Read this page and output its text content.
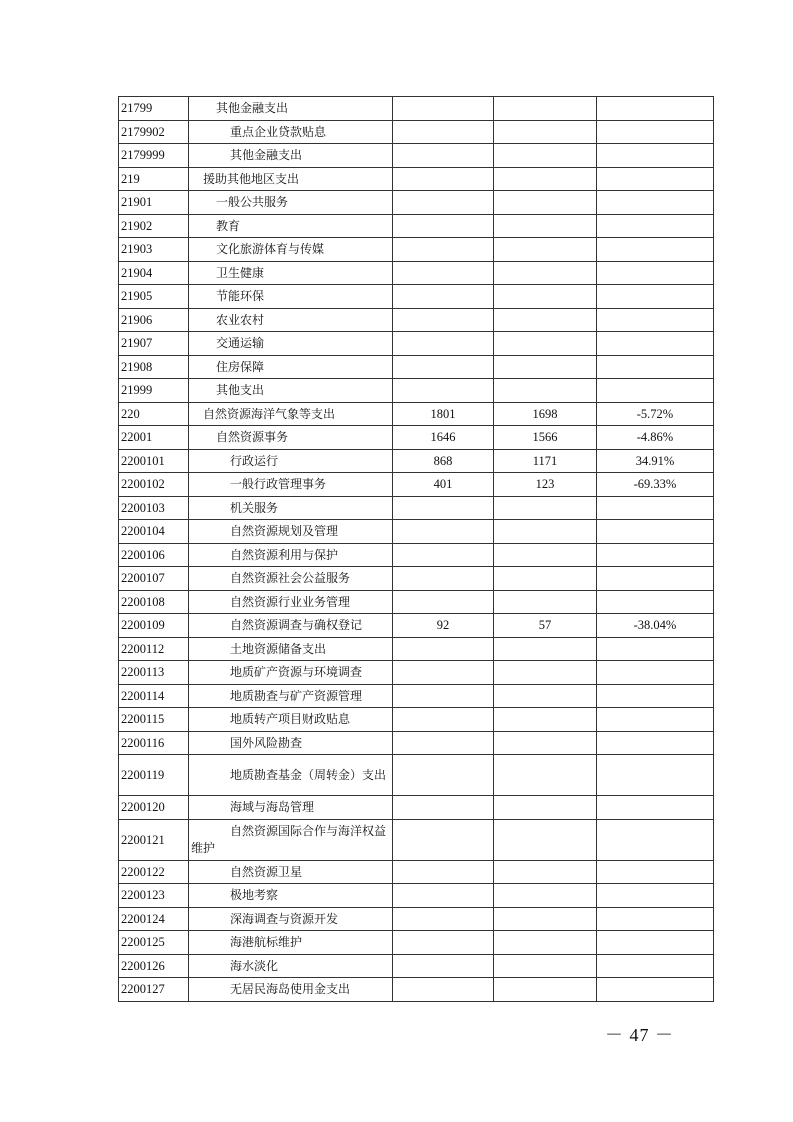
21799	其他金融支出			
2179902	重点企业贷款贴息			
2179999	其他金融支出			
219	援助其他地区支出			
21901	一般公共服务			
21902	教育			
21903	文化旅游体育与传媒			
21904	卫生健康			
21905	节能环保			
21906	农业农村			
21907	交通运输			
21908	住房保障			
21999	其他支出			
220	自然资源海洋气象等支出	1801	1698	-5.72%
22001	自然资源事务	1646	1566	-4.86%
2200101	行政运行	868	1171	34.91%
2200102	一般行政管理事务	401	123	-69.33%
2200103	机关服务			
2200104	自然资源规划及管理			
2200106	自然资源利用与保护			
2200107	自然资源社会公益服务			
2200108	自然资源行业业务管理			
2200109	自然资源调查与确权登记	92	57	-38.04%
2200112	土地资源储备支出			
2200113	地质矿产资源与环境调查			
2200114	地质勘查与矿产资源管理			
2200115	地质转产项目财政贴息			
2200116	国外风险勘查			
2200119	地质勘查基金（周转金）支出			
2200120	海域与海岛管理			
2200121	自然资源国际合作与海洋权益维护			
2200122	自然资源卫星			
2200123	极地考察			
2200124	深海调查与资源开发			
2200125	海港航标维护			
2200126	海水淡化			
2200127	无居民海岛使用金支出			
－ 47 －
